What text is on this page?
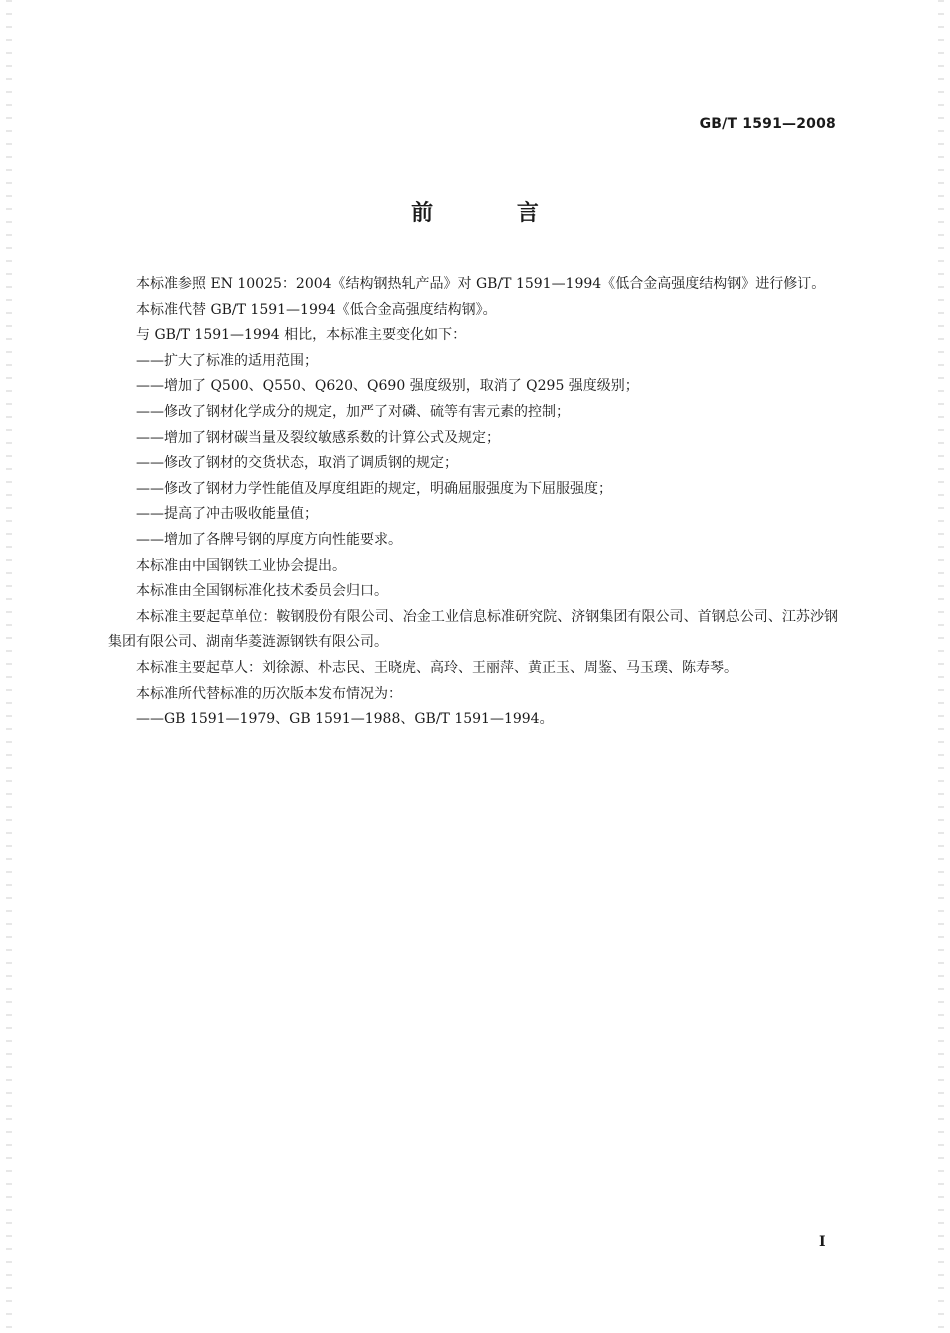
GB/T 1591—2008
前 言

本标准参照 EN 10025：2004《结构钢热轧产品》对 GB/T 1591—1994《低合金高强度结构钢》进行修订。

本标准代替 GB/T 1591—1994《低合金高强度结构钢》。

与 GB/T 1591—1994 相比，本标准主要变化如下：

——扩大了标准的适用范围；

——增加了 Q500、Q550、Q620、Q690 强度级别，取消了 Q295 强度级别；

——修改了钢材化学成分的规定，加严了对磷、硫等有害元素的控制；

——增加了钢材碳当量及裂纹敏感系数的计算公式及规定；

——修改了钢材的交货状态，取消了调质钢的规定；

——修改了钢材力学性能值及厚度组距的规定，明确屈服强度为下屈服强度；

——提高了冲击吸收能量值；

——增加了各牌号钢的厚度方向性能要求。

本标准由中国钢铁工业协会提出。

本标准由全国钢标准化技术委员会归口。

本标准主要起草单位：鞍钢股份有限公司、冶金工业信息标准研究院、济钢集团有限公司、首钢总公司、江苏沙钢集团有限公司、湖南华菱涟源钢铁有限公司。

本标准主要起草人：刘徐源、朴志民、王晓虎、高玲、王丽萍、黄正玉、周鉴、马玉璞、陈寿琴。

本标准所代替标准的历次版本发布情况为：

——GB 1591—1979、GB 1591—1988、GB/T 1591—1994。

I
